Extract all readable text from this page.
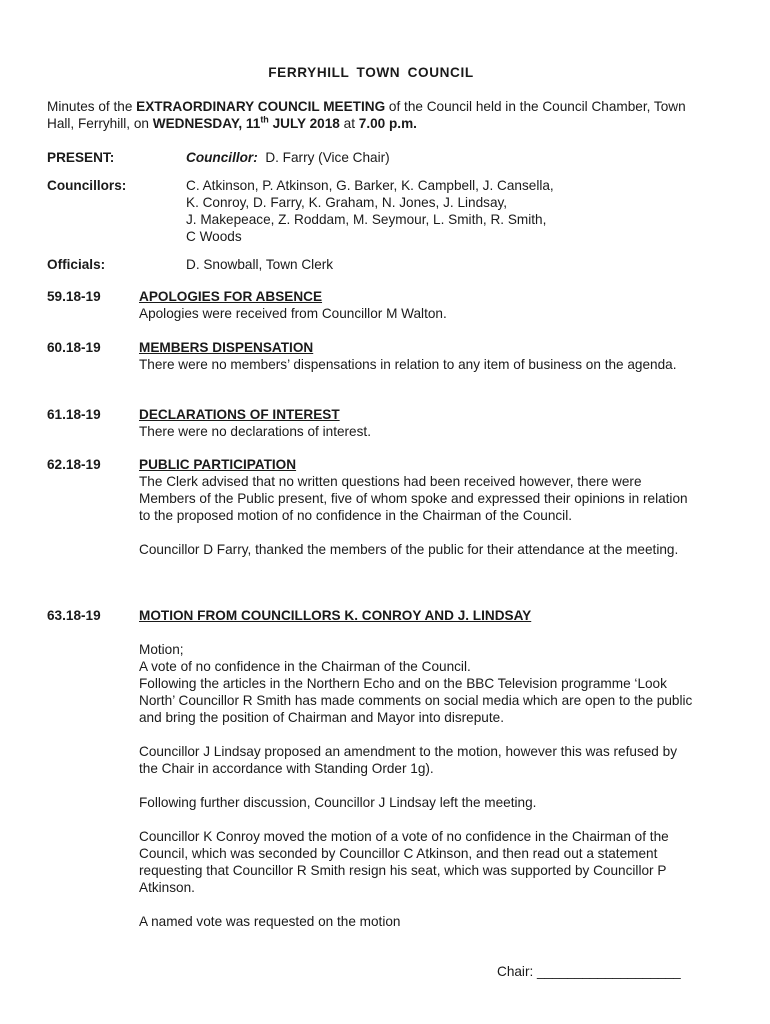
FERRYHILL TOWN COUNCIL
Minutes of the EXTRAORDINARY COUNCIL MEETING of the Council held in the Council Chamber, Town Hall, Ferryhill, on WEDNESDAY, 11th JULY 2018 at 7.00 p.m.
PRESENT:	Councillor: D. Farry (Vice Chair)
Councillors:	C. Atkinson, P. Atkinson, G. Barker, K. Campbell, J. Cansella,
K. Conroy, D. Farry, K. Graham, N. Jones, J. Lindsay,
J. Makepeace, Z. Roddam, M. Seymour, L. Smith, R. Smith,
C Woods
Officials:	D. Snowball, Town Clerk
59.18-19	APOLOGIES FOR ABSENCE

Apologies were received from Councillor M Walton.

60.18-19	MEMBERS DISPENSATION

There were no members’ dispensations in relation to any item of business on the agenda.

61.18-19	DECLARATIONS OF INTEREST

There were no declarations of interest.

62.18-19	PUBLIC PARTICIPATION

The Clerk advised that no written questions had been received however, there were Members of the Public present, five of whom spoke and expressed their opinions in relation to the proposed motion of no confidence in the Chairman of the Council.

Councillor D Farry, thanked the members of the public for their attendance at the meeting.

63.18-19	MOTION FROM COUNCILLORS K. CONROY AND J. LINDSAY

Motion;

A vote of no confidence in the Chairman of the Council.

Following the articles in the Northern Echo and on the BBC Television programme ‘Look North’ Councillor R Smith has made comments on social media which are open to the public and bring the position of Chairman and Mayor into disrepute.

Councillor J Lindsay proposed an amendment to the motion, however this was refused by the Chair in accordance with Standing Order 1g).

Following further discussion, Councillor J Lindsay left the meeting.

Councillor K Conroy moved the motion of a vote of no confidence in the Chairman of the Council, which was seconded by Councillor C Atkinson, and then read out a statement requesting that Councillor R Smith resign his seat, which was supported by Councillor P Atkinson.

A named vote was requested on the motion

Chair: ___________________
